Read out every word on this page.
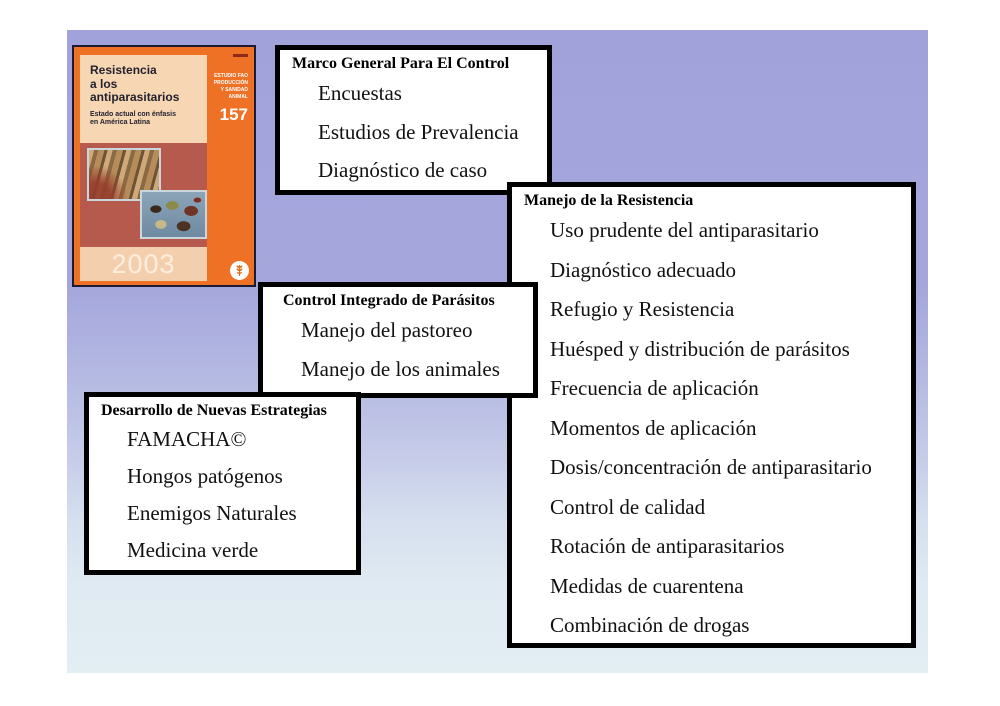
Resistencia
a los antiparasitarios
Estado actual con énfasis
en América Latina
2003
ESTUDIO FAO
PRODUCCIÓN
Y SANIDAD
ANIMAL
157
Marco General Para El Control
Encuestas
Estudios de Prevalencia
Diagnóstico de caso
Manejo de la Resistencia
Uso prudente del antiparasitario
Diagnóstico adecuado
Refugio y Resistencia
Huésped y distribución de parásitos
Frecuencia de aplicación
Momentos de aplicación
Dosis/concentración de antiparasitario
Control de calidad
Rotación de antiparasitarios
Medidas de cuarentena
Combinación de drogas
Control Integrado de Parásitos
Manejo del pastoreo
Manejo de los animales
Desarrollo de Nuevas Estrategias
FAMACHA©
Hongos patógenos
Enemigos Naturales
Medicina verde
